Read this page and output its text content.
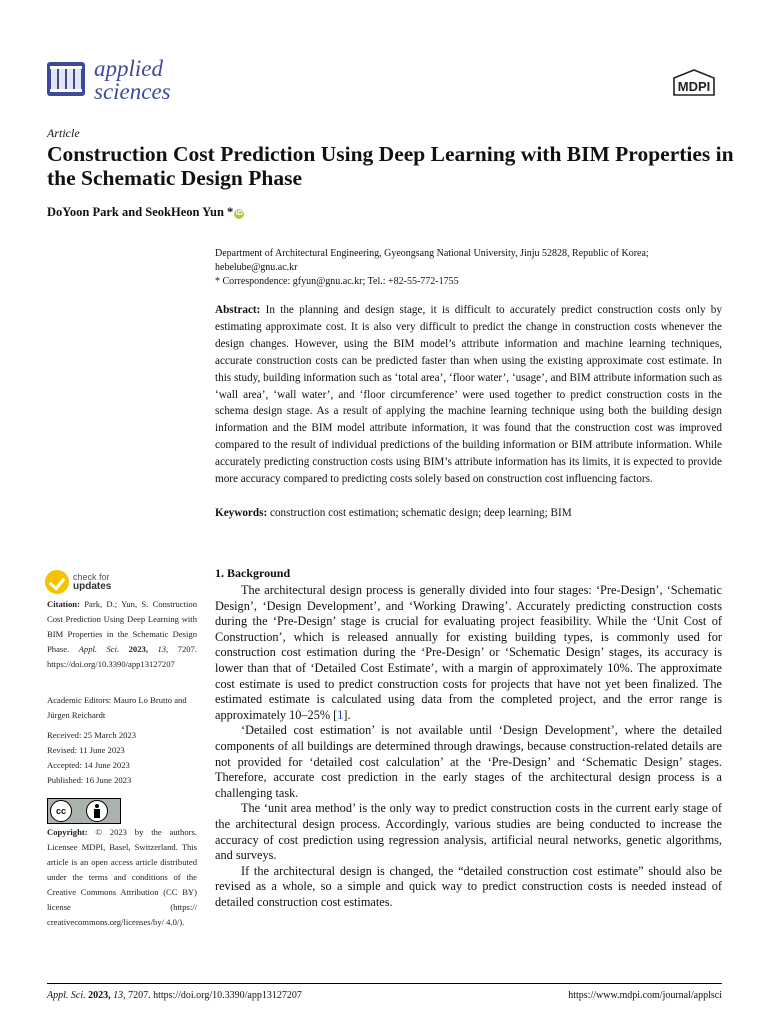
applied
sciences	MDPI
Article
Construction Cost Prediction Using Deep Learning with BIM Properties in the Schematic Design Phase
DoYoon Park and SeokHeon Yun * iD
Department of Architectural Engineering, Gyeongsang National University, Jinju 52828, Republic of Korea; hebelube@gnu.ac.kr
* Correspondence: gfyun@gnu.ac.kr; Tel.: +82-55-772-1755
Abstract: In the planning and design stage, it is difficult to accurately predict construction costs only by estimating approximate cost. It is also very difficult to predict the change in construction costs whenever the design changes. However, using the BIM model’s attribute information and machine learning techniques, accurate construction costs can be predicted faster than when using the existing approximate cost estimate. In this study, building information such as ‘total area’, ‘floor water’, ‘usage’, and BIM attribute information such as ‘wall area’, ‘wall water’, and ‘floor circumference’ were used together to predict construction costs in the schema design stage. As a result of applying the machine learning technique using both the building design information and the BIM model attribute information, it was found that the construction cost was improved compared to the result of individual predictions of the building information or BIM attribute information. While accurately predicting construction costs using BIM’s attribute information has its limits, it is expected to provide more accuracy compared to predicting costs solely based on construction cost influencing factors.
Keywords: construction cost estimation; schematic design; deep learning; BIM
check for
updates
Citation: Park, D.; Yun, S. Construction Cost Prediction Using Deep Learning with BIM Properties in the Schematic Design Phase. Appl. Sci. 2023, 13, 7207. https://doi.org/10.3390/app13127207
Academic Editors: Mauro Lo Brutto and Jürgen Reichardt
Received: 25 March 2023
Revised: 11 June 2023
Accepted: 14 June 2023
Published: 16 June 2023
cc
Copyright: © 2023 by the authors. Licensee MDPI, Basel, Switzerland. This article is an open access article distributed under the terms and conditions of the Creative Commons Attribution (CC BY) license (https:// creativecommons.org/licenses/by/ 4.0/).
1. Background

The architectural design process is generally divided into four stages: ‘Pre-Design’, ‘Schematic Design’, ‘Design Development’, and ‘Working Drawing’. Accurately predicting construction costs during the ‘Pre-Design’ stage is crucial for evaluating project feasibility. While the ‘Unit Cost of Construction’, which is released annually for existing building types, is commonly used for construction cost estimation during the ‘Pre-Design’ or ‘Schematic Design’ stages, its accuracy is lower than that of ‘Detailed Cost Estimate’, with a margin of approximately 10%. The approximate cost estimate is used to predict construction costs for projects that have not yet been finalized. The estimated estimate is calculated using data from the completed project, and the error range is approximately 10–25% [1].

‘Detailed cost estimation’ is not available until ‘Design Development’, where the detailed components of all buildings are determined through drawings, because construction-related details are not provided for ‘detailed cost calculation’ at the ‘Pre-Design’ and ‘Schematic Design’ stages. Therefore, accurate cost prediction in the early stages of the architectural design process is a challenging task.

The ‘unit area method’ is the only way to predict construction costs in the current early stage of the architectural design process. Accordingly, various studies are being conducted to increase the accuracy of cost prediction using regression analysis, artificial neural networks, genetic algorithms, and surveys.

If the architectural design is changed, the “detailed construction cost estimate” should also be revised as a whole, so a simple and quick way to predict construction costs is needed instead of detailed construction cost estimates.

Appl. Sci. 2023, 13, 7207. https://doi.org/10.3390/app13127207	https://www.mdpi.com/journal/applsci
